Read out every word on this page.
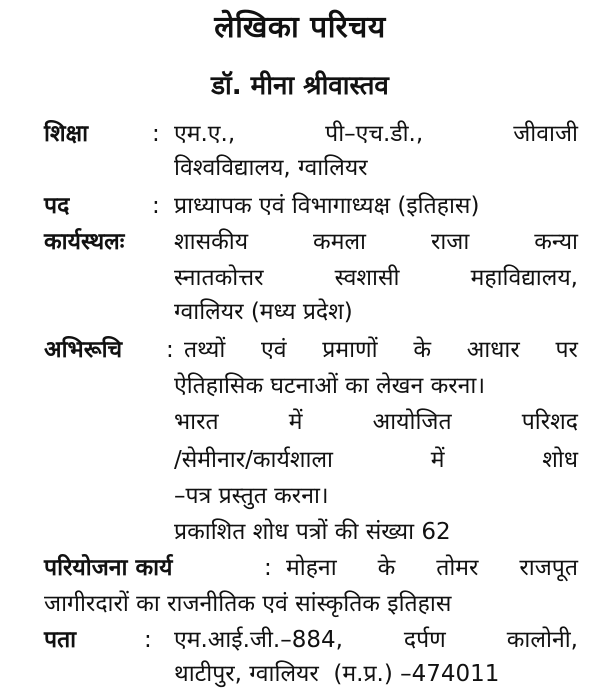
लेखिका परिचय
डॉ. मीना श्रीवास्तव
शिक्षा	: एम.ए.,	पी–एच.डी.,	जीवाजी
विश्वविद्यालय, ग्वालियर
पद	: प्राध्यापक एवं विभागाध्यक्ष (इतिहास)
कार्यस्थलः शासकीय	कमला	राजा	कन्या
स्नातकोत्तर	स्वशासी	महाविद्यालय,
ग्वालियर (मध्य प्रदेश)
अभिरूचि : तथ्यों एवं प्रमाणों के आधार पर
ऐतिहासिक घटनाओं का लेखन करना।
भारत	में	आयोजित	परिशद
/सेमीनार/कार्यशाला	में	शोध
–पत्र प्रस्तुत करना।
प्रकाशित शोध पत्रों की संख्या 62
परियोजना कार्य	: मोहना के तोमर राजपूत
जागीरदारों का राजनीतिक एवं सांस्कृतिक इतिहास
पता	: एम.आई.जी.–884,	दर्पण	कालोनी,
थाटीपुर, ग्वालियर  (म.प्र.) –474011
